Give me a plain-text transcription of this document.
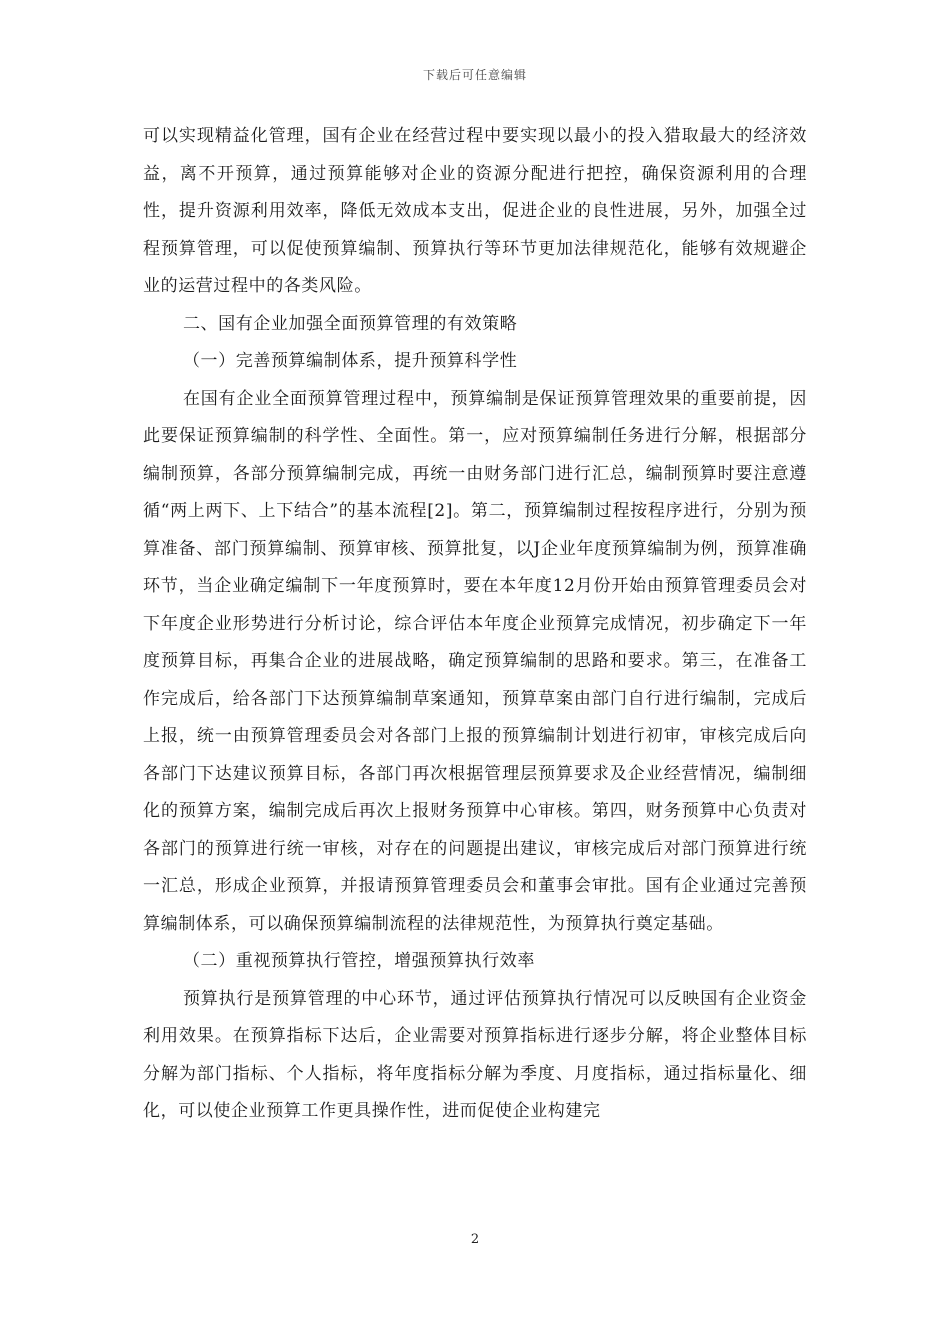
下载后可任意编辑

可以实现精益化管理，国有企业在经营过程中要实现以最小的投入猎取最大的经济效益，离不开预算，通过预算能够对企业的资源分配进行把控，确保资源利用的合理性，提升资源利用效率，降低无效成本支出，促进企业的良性进展，另外，加强全过程预算管理，可以促使预算编制、预算执行等环节更加法律规范化，能够有效规避企业的运营过程中的各类风险。

二、国有企业加强全面预算管理的有效策略

（一）完善预算编制体系，提升预算科学性

在国有企业全面预算管理过程中，预算编制是保证预算管理效果的重要前提，因此要保证预算编制的科学性、全面性。第一，应对预算编制任务进行分解，根据部分编制预算，各部分预算编制完成，再统一由财务部门进行汇总，编制预算时要注意遵循“两上两下、上下结合”的基本流程[2]。第二，预算编制过程按程序进行，分别为预算准备、部门预算编制、预算审核、预算批复，以J企业年度预算编制为例，预算准确环节，当企业确定编制下一年度预算时，要在本年度12月份开始由预算管理委员会对下年度企业形势进行分析讨论，综合评估本年度企业预算完成情况，初步确定下一年度预算目标，再集合企业的进展战略，确定预算编制的思路和要求。第三，在准备工作完成后，给各部门下达预算编制草案通知，预算草案由部门自行进行编制，完成后上报，统一由预算管理委员会对各部门上报的预算编制计划进行初审，审核完成后向各部门下达建议预算目标，各部门再次根据管理层预算要求及企业经营情况，编制细化的预算方案，编制完成后再次上报财务预算中心审核。第四，财务预算中心负责对各部门的预算进行统一审核，对存在的问题提出建议，审核完成后对部门预算进行统一汇总，形成企业预算，并报请预算管理委员会和董事会审批。国有企业通过完善预算编制体系，可以确保预算编制流程的法律规范性，为预算执行奠定基础。

（二）重视预算执行管控，增强预算执行效率

预算执行是预算管理的中心环节，通过评估预算执行情况可以反映国有企业资金利用效果。在预算指标下达后，企业需要对预算指标进行逐步分解，将企业整体目标分解为部门指标、个人指标，将年度指标分解为季度、月度指标，通过指标量化、细化，可以使企业预算工作更具操作性，进而促使企业构建完

2
